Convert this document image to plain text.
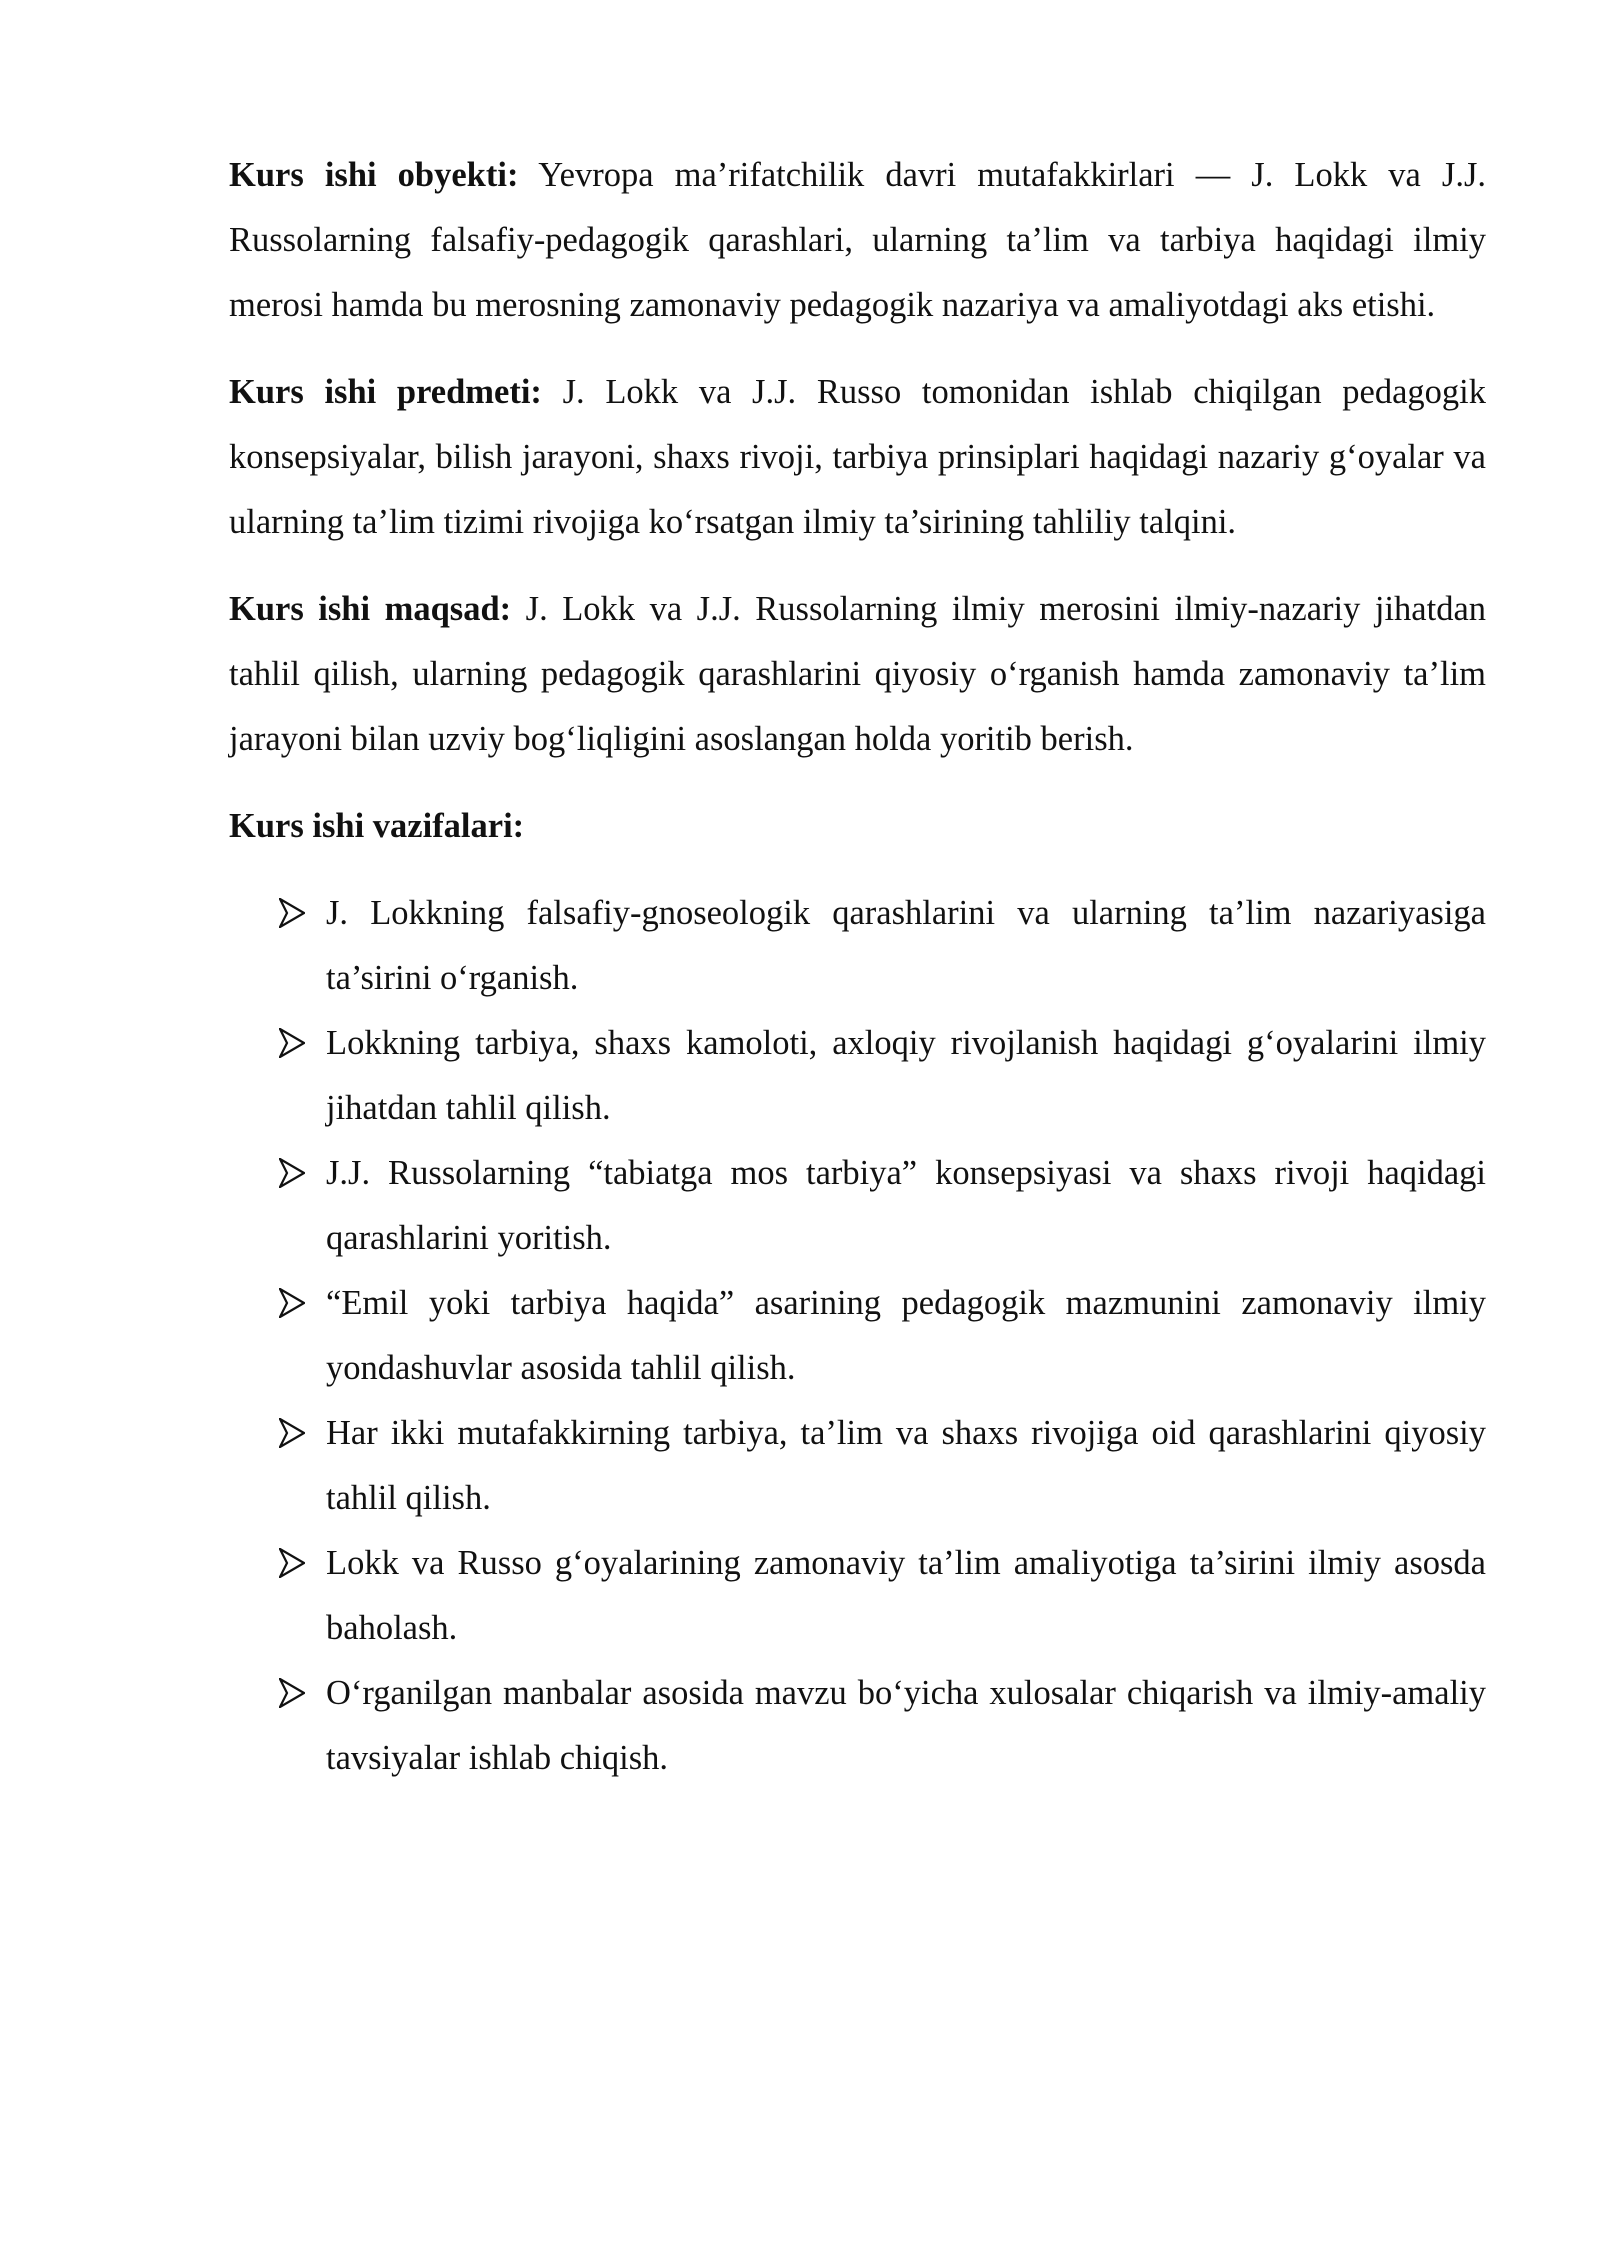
Kurs ishi obyekti: Yevropa ma’rifatchilik davri mutafakkirlari — J. Lokk va J.J. Russolarning falsafiy-pedagogik qarashlari, ularning ta’lim va tarbiya haqidagi ilmiy merosi hamda bu merosning zamonaviy pedagogik nazariya va amaliyotdagi aks etishi.

Kurs ishi predmeti: J. Lokk va J.J. Russo tomonidan ishlab chiqilgan pedagogik konsepsiyalar, bilish jarayoni, shaxs rivoji, tarbiya prinsiplari haqidagi nazariy g‘oyalar va ularning ta’lim tizimi rivojiga ko‘rsatgan ilmiy ta’sirining tahliliy talqini.

Kurs ishi maqsad: J. Lokk va J.J. Russolarning ilmiy merosini ilmiy-nazariy jihatdan tahlil qilish, ularning pedagogik qarashlarini qiyosiy o‘rganish hamda zamonaviy ta’lim jarayoni bilan uzviy bog‘liqligini asoslangan holda yoritib berish.

Kurs ishi vazifalari:
J. Lokkning falsafiy-gnoseologik qarashlarini va ularning ta’lim nazariyasiga ta’sirini o‘rganish.
Lokkning tarbiya, shaxs kamoloti, axloqiy rivojlanish haqidagi g‘oyalarini ilmiy jihatdan tahlil qilish.
J.J. Russolarning “tabiatga mos tarbiya” konsepsiyasi va shaxs rivoji haqidagi qarashlarini yoritish.
“Emil yoki tarbiya haqida” asarining pedagogik mazmunini zamonaviy ilmiy yondashuvlar asosida tahlil qilish.
Har ikki mutafakkirning tarbiya, ta’lim va shaxs rivojiga oid qarashlarini qiyosiy tahlil qilish.
Lokk va Russo g‘oyalarining zamonaviy ta’lim amaliyotiga ta’sirini ilmiy asosda baholash.
O‘rganilgan manbalar asosida mavzu bo‘yicha xulosalar chiqarish va ilmiy-amaliy tavsiyalar ishlab chiqish.
